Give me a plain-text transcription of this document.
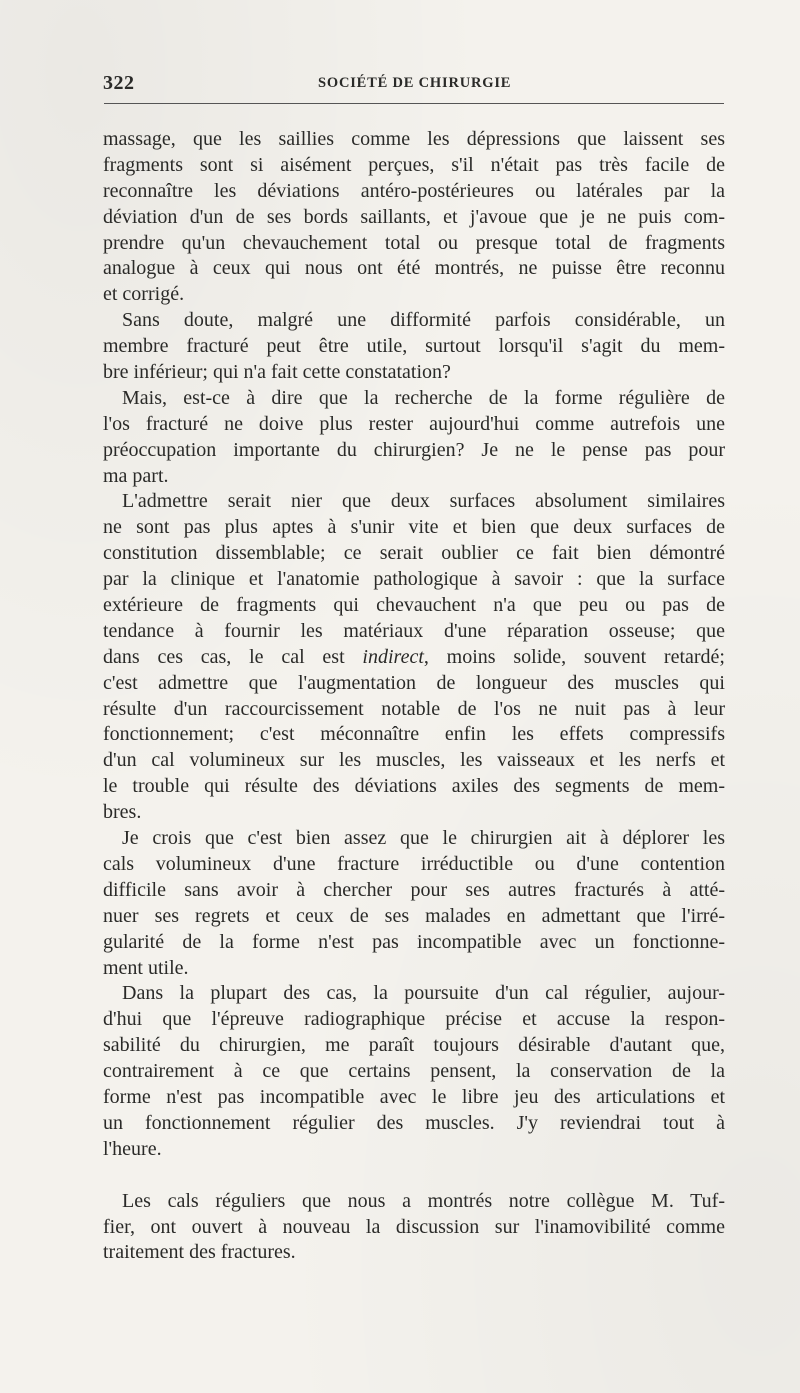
322	SOCIÉTÉ DE CHIRURGIE
massage, que les saillies comme les dépressions que laissent ses
fragments sont si aisément perçues, s'il n'était pas très facile de
reconnaître les déviations antéro-postérieures ou latérales par la
déviation d'un de ses bords saillants, et j'avoue que je ne puis com-
prendre qu'un chevauchement total ou presque total de fragments
analogue à ceux qui nous ont été montrés, ne puisse être reconnu
et corrigé.
Sans doute, malgré une difformité parfois considérable, un
membre fracturé peut être utile, surtout lorsqu'il s'agit du mem-
bre inférieur; qui n'a fait cette constatation?
Mais, est-ce à dire que la recherche de la forme régulière de
l'os fracturé ne doive plus rester aujourd'hui comme autrefois une
préoccupation importante du chirurgien? Je ne le pense pas pour
ma part.
L'admettre serait nier que deux surfaces absolument similaires
ne sont pas plus aptes à s'unir vite et bien que deux surfaces de
constitution dissemblable; ce serait oublier ce fait bien démontré
par la clinique et l'anatomie pathologique à savoir : que la surface
extérieure de fragments qui chevauchent n'a que peu ou pas de
tendance à fournir les matériaux d'une réparation osseuse; que
dans ces cas, le cal est indirect, moins solide, souvent retardé;
c'est admettre que l'augmentation de longueur des muscles qui
résulte d'un raccourcissement notable de l'os ne nuit pas à leur
fonctionnement; c'est méconnaître enfin les effets compressifs
d'un cal volumineux sur les muscles, les vaisseaux et les nerfs et
le trouble qui résulte des déviations axiles des segments de mem-
bres.
Je crois que c'est bien assez que le chirurgien ait à déplorer les
cals volumineux d'une fracture irréductible ou d'une contention
difficile sans avoir à chercher pour ses autres fracturés à atté-
nuer ses regrets et ceux de ses malades en admettant que l'irré-
gularité de la forme n'est pas incompatible avec un fonctionne-
ment utile.
Dans la plupart des cas, la poursuite d'un cal régulier, aujour-
d'hui que l'épreuve radiographique précise et accuse la respon-
sabilité du chirurgien, me paraît toujours désirable d'autant que,
contrairement à ce que certains pensent, la conservation de la
forme n'est pas incompatible avec le libre jeu des articulations et
un fonctionnement régulier des muscles. J'y reviendrai tout à
l'heure.
Les cals réguliers que nous a montrés notre collègue M. Tuf-
fier, ont ouvert à nouveau la discussion sur l'inamovibilité comme
traitement des fractures.
